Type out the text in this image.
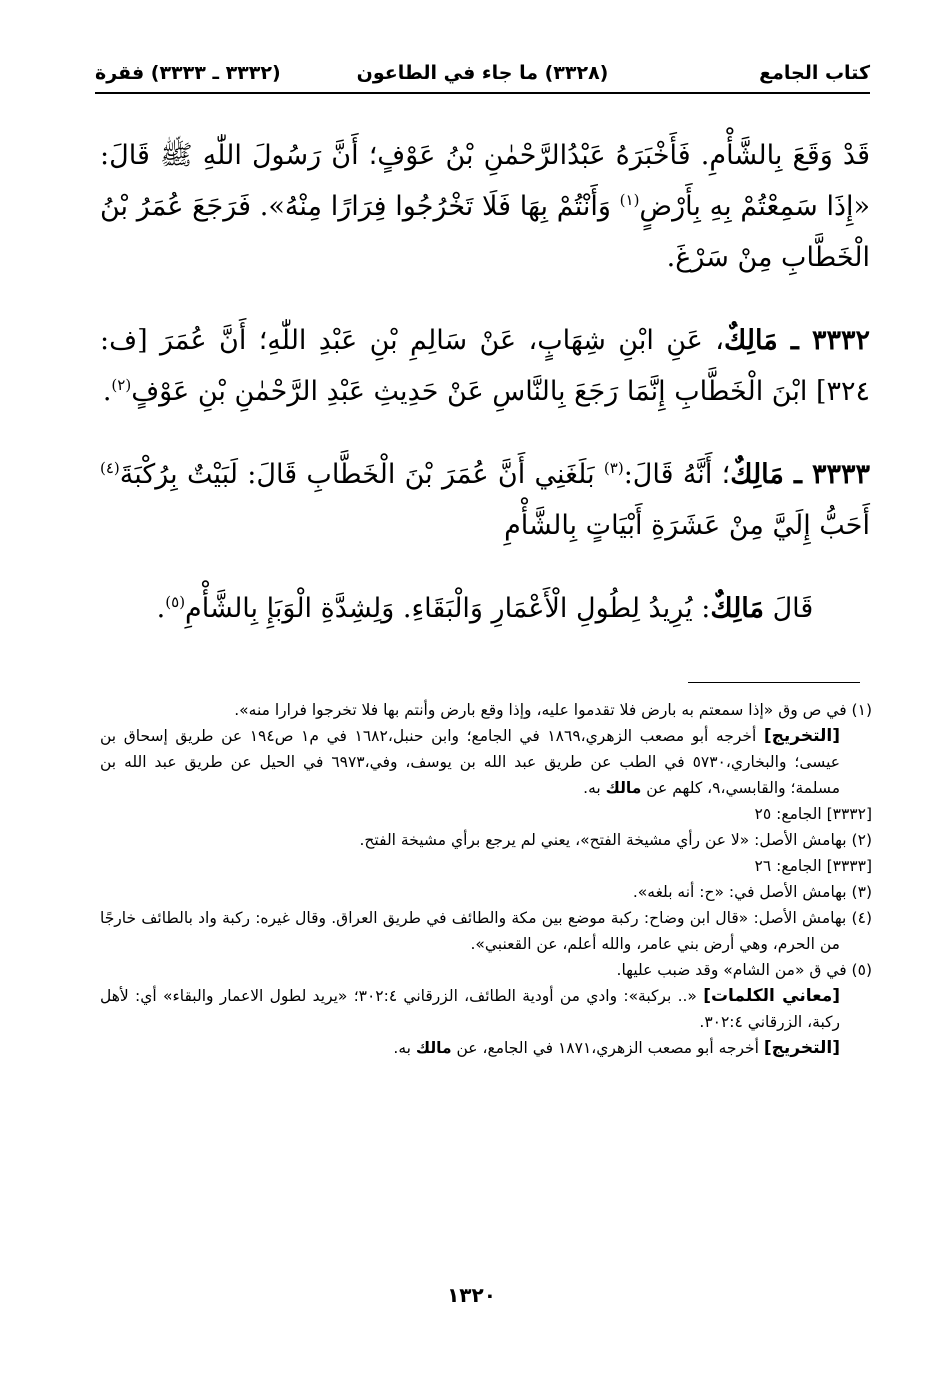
كتاب الجامع
(٣٣٢٨) ما جاء في الطاعون
(٣٣٣٢ ـ ٣٣٣٣) فقرة

قَدْ وَقَعَ بِالشَّأْمِ. فَأَخْبَرَهُ عَبْدُالرَّحْمٰنِ بْنُ عَوْفٍ؛ أَنَّ رَسُولَ اللّٰهِ ﷺ قَالَ: «إِذَا سَمِعْتُمْ بِهِ بِأَرْضٍ$^{(١)}$ وَأَنْتُمْ بِهَا فَلَا تَخْرُجُوا فِرَارًا مِنْهُ». فَرَجَعَ عُمَرُ بْنُ الْخَطَّابِ مِنْ سَرْغَ.

٣٣٣٢ ـ مَالِكٌ، عَنِ ابْنِ شِهَابٍ، عَنْ سَالِمِ بْنِ عَبْدِ اللّٰهِ؛ أَنَّ عُمَرَ [ف: ٣٢٤] ابْنَ الْخَطَّابِ إِنَّمَا رَجَعَ بِالنَّاسِ عَنْ حَدِيثِ عَبْدِ الرَّحْمٰنِ بْنِ عَوْفٍ$^{(٢)}$.

٣٣٣٣ ـ مَالِكٌ؛ أَنَّهُ قَالَ:$^{(٣)}$ بَلَغَنِي أَنَّ عُمَرَ بْنَ الْخَطَّابِ قَالَ: لَبَيْتٌ بِرُكْبَةَ$^{(٤)}$ أَحَبُّ إِلَيَّ مِنْ عَشَرَةِ أَبْيَاتٍ بِالشَّأْمِ

قَالَ مَالِكٌ: يُرِيدُ لِطُولِ الْأَعْمَارِ وَالْبَقَاءِ. وَلِشِدَّةِ الْوَبَإِ بِالشَّأْمِ$^{(٥)}$.

(١) في ص وق «إذا سمعتم به بارض فلا تقدموا عليه، وإذا وقع بارض وأنتم بها فلا تخرجوا فرارا منه».

[التخريج] أخرجه أبو مصعب الزهري،١٨٦٩ في الجامع؛ وابن حنبل،١٦٨٢ في م١ ص١٩٤ عن طريق إسحاق بن عيسى؛ والبخاري،٥٧٣٠ في الطب عن طريق عبد الله بن يوسف، وفي،٦٩٧٣ في الحيل عن طريق عبد الله بن مسلمة؛ والقابسي،٩، كلهم عن مالك به.

[٣٣٣٢] الجامع: ٢٥

(٢) بهامش الأصل: «لا عن رأي مشيخة الفتح»، يعني لم يرجع برأي مشيخة الفتح.

[٣٣٣٣] الجامع: ٢٦

(٣) بهامش الأصل في: «ح: أنه بلغه».

(٤) بهامش الأصل: «قال ابن وضاح: ركبة موضع بين مكة والطائف في طريق العراق. وقال غيره: ركبة واد بالطائف خارجًا من الحرم، وهي أرض بني عامر، والله أعلم، عن القعنبي».

(٥) في ق «من الشام» وقد ضبب عليها.

[معاني الكلمات] «.. بركبة»: وادي من أودية الطائف، الزرقاني ٣٠٢:٤؛ «يريد لطول الاعمار والبقاء» أي: لأهل ركبة، الزرقاني ٣٠٢:٤.

[التخريج] أخرجه أبو مصعب الزهري،١٨٧١ في الجامع، عن مالك به.

١٣٢٠
